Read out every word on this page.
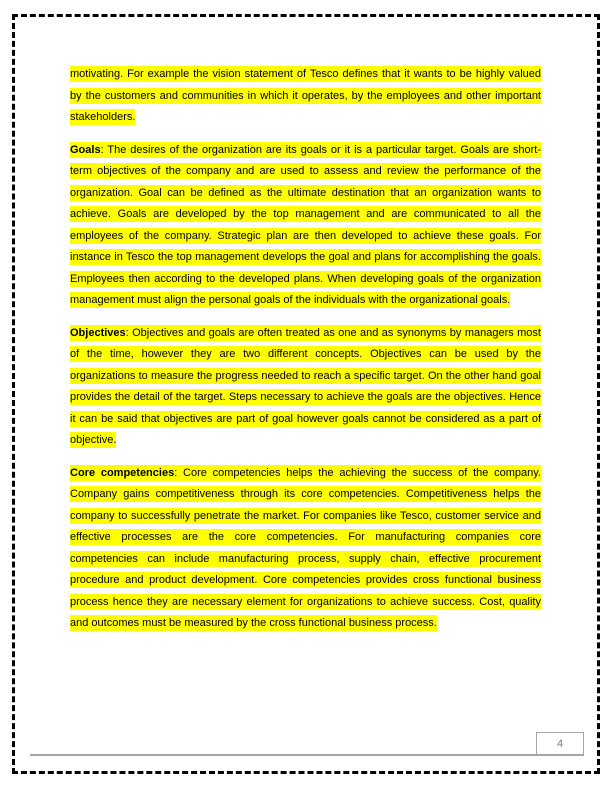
motivating. For example the vision statement of Tesco defines that it wants to be highly valued by the customers and communities in which it operates, by the employees and other important stakeholders.

Goals: The desires of the organization are its goals or it is a particular target. Goals are short-term objectives of the company and are used to assess and review the performance of the organization. Goal can be defined as the ultimate destination that an organization wants to achieve. Goals are developed by the top management and are communicated to all the employees of the company. Strategic plan are then developed to achieve these goals. For instance in Tesco the top management develops the goal and plans for accomplishing the goals. Employees then according to the developed plans. When developing goals of the organization management must align the personal goals of the individuals with the organizational goals.

Objectives: Objectives and goals are often treated as one and as synonyms by managers most of the time, however they are two different concepts. Objectives can be used by the organizations to measure the progress needed to reach a specific target. On the other hand goal provides the detail of the target. Steps necessary to achieve the goals are the objectives. Hence it can be said that objectives are part of goal however goals cannot be considered as a part of objective.

Core competencies: Core competencies helps the achieving the success of the company. Company gains competitiveness through its core competencies. Competitiveness helps the company to successfully penetrate the market. For companies like Tesco, customer service and effective processes are the core competencies. For manufacturing companies core competencies can include manufacturing process, supply chain, effective procurement procedure and product development. Core competencies provides cross functional business process hence they are necessary element for organizations to achieve success. Cost, quality and outcomes must be measured by the cross functional business process.

4
